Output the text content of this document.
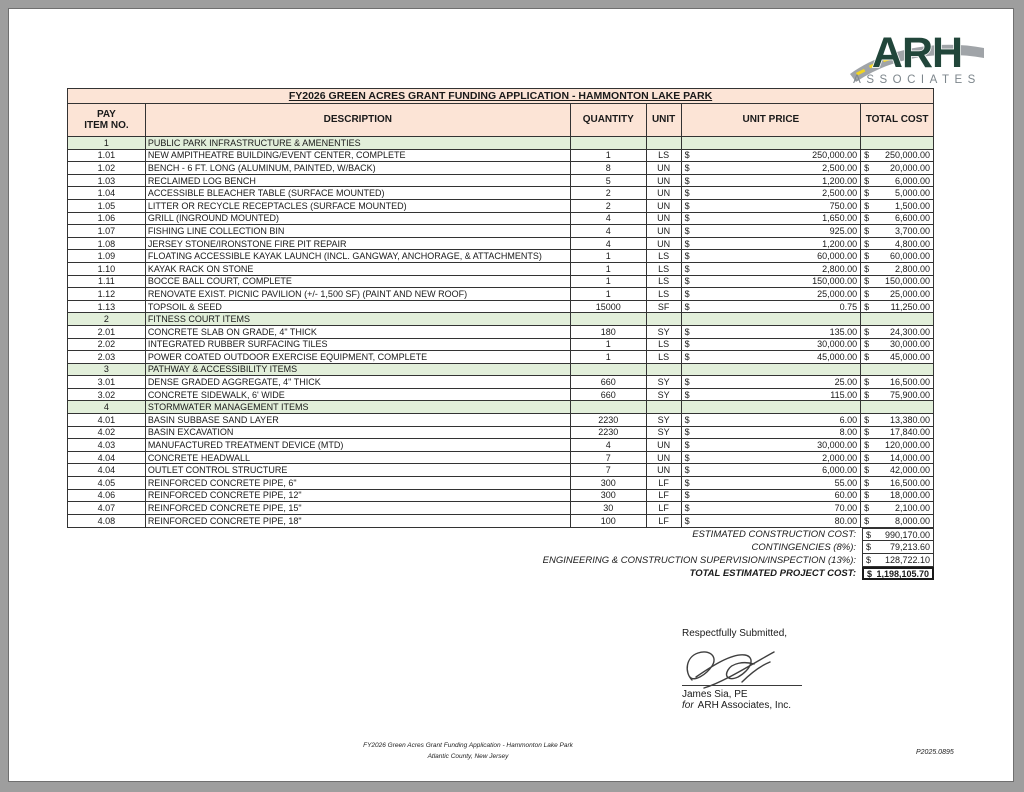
ARH
ASSOCIATES
FY2026 GREEN ACRES GRANT FUNDING APPLICATION - HAMMONTON LAKE PARK
PAY
ITEM NO.
DESCRIPTION	QUANTITY	UNIT	UNIT PRICE	TOTAL COST
1	PUBLIC PARK INFRASTRUCTURE & AMENENTIES
1.01	NEW AMPITHEATRE BUILDING/EVENT CENTER, COMPLETE	1	LS	$	250,000.00 $ 250,000.00
1.02	BENCH - 6 FT. LONG (ALUMINUM, PAINTED, W/BACK)	8	UN	$	2,500.00 $ 20,000.00
1.03	RECLAIMED LOG BENCH	5	UN	$	1,200.00 $	6,000.00
1.04	ACCESSIBLE BLEACHER TABLE (SURFACE MOUNTED)	2	UN	$	2,500.00 $	5,000.00
1.05	LITTER OR RECYCLE RECEPTACLES (SURFACE MOUNTED)	2	UN	$	750.00 $	1,500.00
1.06	GRILL (INGROUND MOUNTED)	4	UN	$	1,650.00 $	6,600.00
1.07	FISHING LINE COLLECTION BIN	4	UN	$	925.00 $	3,700.00
1.08	JERSEY STONE/IRONSTONE FIRE PIT REPAIR	4	UN	$	1,200.00 $	4,800.00
1.09	FLOATING ACCESSIBLE KAYAK LAUNCH (INCL. GANGWAY, ANCHORAGE, & ATTACHMENTS)	1	LS	$	60,000.00 $ 60,000.00
1.10	KAYAK RACK ON STONE	1	LS	$	2,800.00 $	2,800.00
1.11	BOCCE BALL COURT, COMPLETE	1	LS	$	150,000.00 $ 150,000.00
1.12	RENOVATE EXIST. PICNIC PAVILION (+/- 1,500 SF) (PAINT AND NEW ROOF)	1	LS	$	25,000.00 $ 25,000.00
1.13	TOPSOIL & SEED	15000	SF	$	0.75 $ 11,250.00
2	FITNESS COURT ITEMS
2.01	CONCRETE SLAB ON GRADE, 4" THICK	180	SY	$	135.00 $ 24,300.00
2.02	INTEGRATED RUBBER SURFACING TILES	1	LS	$	30,000.00 $ 30,000.00
2.03	POWER COATED OUTDOOR EXERCISE EQUIPMENT, COMPLETE	1	LS	$	45,000.00 $ 45,000.00
3	PATHWAY & ACCESSIBILITY ITEMS
3.01	DENSE GRADED AGGREGATE, 4" THICK	660	SY	$	25.00 $ 16,500.00
3.02	CONCRETE SIDEWALK, 6' WIDE	660	SY	$	115.00 $ 75,900.00
4	STORMWATER MANAGEMENT ITEMS
4.01	BASIN SUBBASE SAND LAYER	2230	SY	$	6.00 $ 13,380.00
4.02	BASIN EXCAVATION	2230	SY	$	8.00 $ 17,840.00
4.03	MANUFACTURED TREATMENT DEVICE (MTD)	4	UN	$	30,000.00 $ 120,000.00
4.04	CONCRETE HEADWALL	7	UN	$	2,000.00 $ 14,000.00
4.04	OUTLET CONTROL STRUCTURE	7	UN	$	6,000.00 $ 42,000.00
4.05	REINFORCED CONCRETE PIPE, 6"	300	LF	$	55.00 $ 16,500.00
4.06	REINFORCED CONCRETE PIPE, 12"	300	LF	$	60.00 $ 18,000.00
4.07	REINFORCED CONCRETE PIPE, 15"	30	LF	$	70.00 $	2,100.00
4.08	REINFORCED CONCRETE PIPE, 18"	100	LF	$	80.00 $	8,000.00
ESTIMATED CONSTRUCTION COST:	$ 990,170.00
CONTINGENCIES (8%):	$ 79,213.60
ENGINEERING & CONSTRUCTION SUPERVISION/INSPECTION (13%):	$ 128,722.10
TOTAL ESTIMATED PROJECT COST:	$ 1,198,105.70
Respectfully Submitted,
James Sia, PE
for ARH Associates, Inc.
FY2026 Green Acres Grant Funding Application - Hammonton Lake Park
Atlantic County, New Jersey
P2025.0895
